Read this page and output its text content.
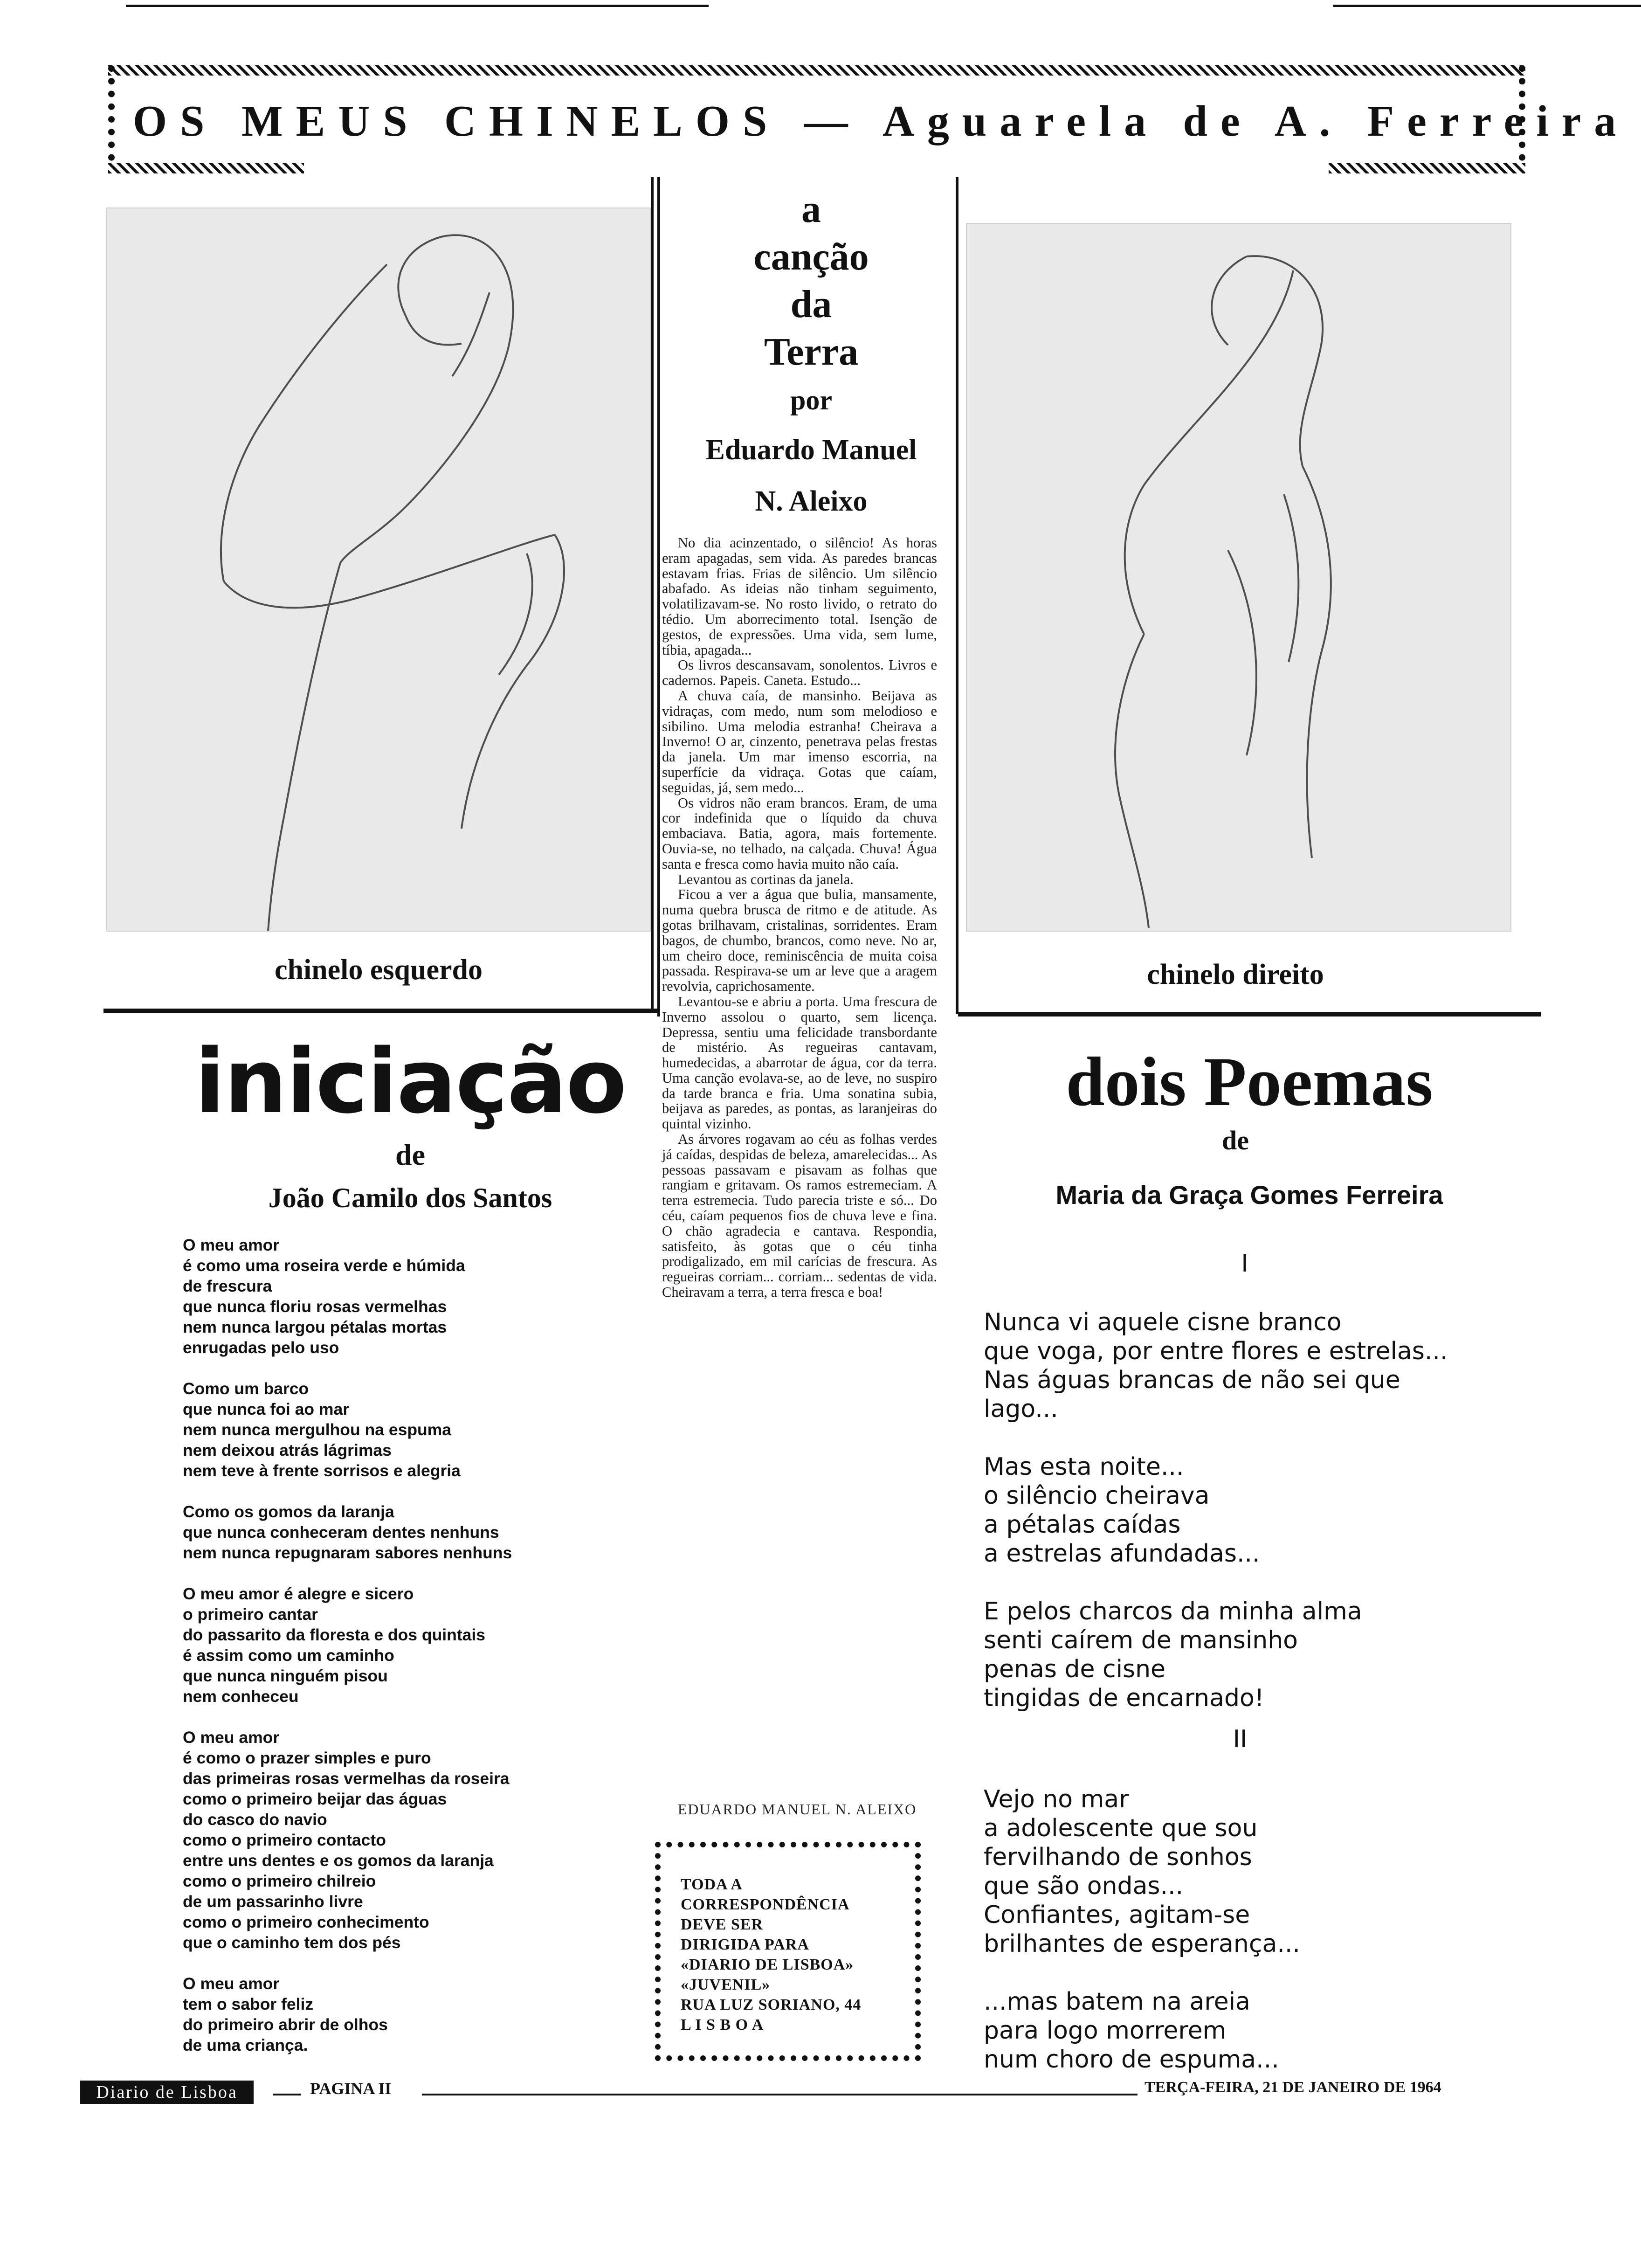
OS MEUS CHINELOS — Aguarela de A. Ferreira
chinelo esquerdo	chinelo direito
a
canção
da
Terra
por
Eduardo Manuel
N. Aleixo

No dia acinzentado, o silêncio! As horas eram apagadas, sem vida. As paredes brancas estavam frias. Frias de silêncio. Um silêncio abafado. As ideias não tinham seguimento, volatilizavam-se. No rosto livido, o retrato do tédio. Um aborrecimento total. Isenção de gestos, de expressões. Uma vida, sem lume, tíbia, apagada...

Os livros descansavam, sonolentos. Livros e cadernos. Papeis. Caneta. Estudo...

A chuva caía, de mansinho. Beijava as vidraças, com medo, num som melodioso e sibilino. Uma melodia estranha! Cheirava a Inverno! O ar, cinzento, penetrava pelas frestas da janela. Um mar imenso escorria, na superfície da vidraça. Gotas que caíam, seguidas, já, sem medo...

Os vidros não eram brancos. Eram, de uma cor indefinida que o líquido da chuva embaciava. Batia, agora, mais fortemente. Ouvia-se, no telhado, na calçada. Chuva! Água santa e fresca como havia muito não caía.

Levantou as cortinas da janela.

Ficou a ver a água que bulia, mansamente, numa quebra brusca de ritmo e de atitude. As gotas brilhavam, cristalinas, sorridentes. Eram bagos, de chumbo, brancos, como neve. No ar, um cheiro doce, reminiscência de muita coisa passada. Respirava-se um ar leve que a aragem revolvia, caprichosamente.

Levantou-se e abriu a porta. Uma frescura de Inverno assolou o quarto, sem licença. Depressa, sentiu uma felicidade transbordante de mistério. As regueiras cantavam, humedecidas, a abarrotar de água, cor da terra. Uma canção evolava-se, ao de leve, no suspiro da tarde branca e fria. Uma sonatina subia, beijava as paredes, as pontas, as laranjeiras do quintal vizinho.

As árvores rogavam ao céu as folhas verdes já caídas, despidas de beleza, amarelecidas... As pessoas passavam e pisavam as folhas que rangiam e gritavam. Os ramos estremeciam. A terra estremecia. Tudo parecia triste e só... Do céu, caíam pequenos fios de chuva leve e fina. O chão agradecia e cantava. Respondia, satisfeito, às gotas que o céu tinha prodigalizado, em mil carícias de frescura. As regueiras corriam... corriam... sedentas de vida. Cheiravam a terra, a terra fresca e boa!

EDUARDO MANUEL N. ALEIXO
TODA A
CORRESPONDÊNCIA
DEVE SER
DIRIGIDA PARA
«DIARIO DE LISBOA»
«JUVENIL»
RUA LUZ SORIANO, 44
L I S B O A
iniciação
de
João Camilo dos Santos
O meu amor
é como uma roseira verde e húmida
de frescura
que nunca floriu rosas vermelhas
nem nunca largou pétalas mortas
enrugadas pelo uso
Como um barco
que nunca foi ao mar
nem nunca mergulhou na espuma
nem deixou atrás lágrimas
nem teve à frente sorrisos e alegria
Como os gomos da laranja
que nunca conheceram dentes nenhuns
nem nunca repugnaram sabores nenhuns
O meu amor é alegre e sicero
o primeiro cantar
do passarito da floresta e dos quintais
é assim como um caminho
que nunca ninguém pisou
nem conheceu
O meu amor
é como o prazer simples e puro
das primeiras rosas vermelhas da roseira
como o primeiro beijar das águas
do casco do navio
como o primeiro contacto
entre uns dentes e os gomos da laranja
como o primeiro chilreio
de um passarinho livre
como o primeiro conhecimento
que o caminho tem dos pés
O meu amor
tem o sabor feliz
do primeiro abrir de olhos
de uma criança.
dois Poemas
de
Maria da Graça Gomes Ferreira
I
Nunca vi aquele cisne branco
que voga, por entre flores e estrelas...
Nas águas brancas de não sei que lago...
Mas esta noite...
o silêncio cheirava
a pétalas caídas
a estrelas afundadas...
E pelos charcos da minha alma
senti caírem de mansinho
penas de cisne
tingidas de encarnado!
II
Vejo no mar
a adolescente que sou
fervilhando de sonhos
que são ondas...
Confiantes, agitam-se
brilhantes de esperança...
...mas batem na areia
para logo morrerem
num choro de espuma...
Diario de Lisboa	PAGINA II	TERÇA-FEIRA, 21 DE JANEIRO DE 1964
